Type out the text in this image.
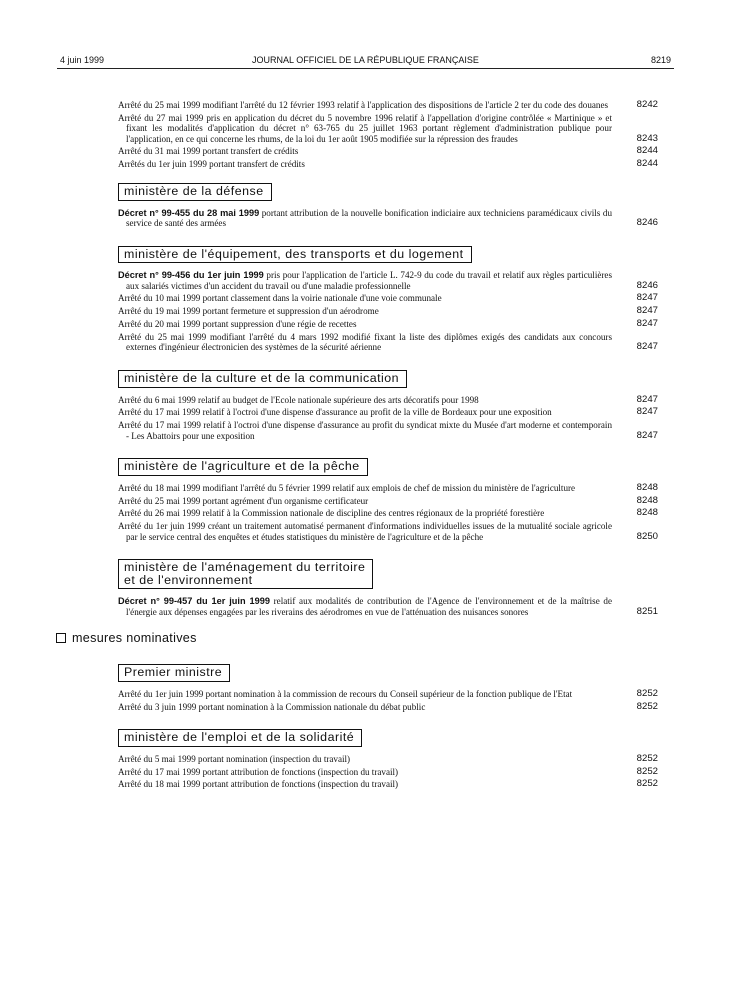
4 juin 1999	JOURNAL OFFICIEL DE LA RÉPUBLIQUE FRANÇAISE	8219
Arrêté du 25 mai 1999 modifiant l'arrêté du 12 février 1993 relatif à l'application des dispositions de l'article 2 ter du code des douanes	8242
Arrêté du 27 mai 1999 pris en application du décret du 5 novembre 1996 relatif à l'appellation d'origine contrôlée « Martinique » et fixant les modalités d'application du décret n° 63-765 du 25 juillet 1963 portant règlement d'administration publique pour l'application, en ce qui concerne les rhums, de la loi du 1er août 1905 modifiée sur la répression des fraudes	8243
Arrêté du 31 mai 1999 portant transfert de crédits	8244
Arrêtés du 1er juin 1999 portant transfert de crédits	8244
ministère de la défense
Décret n° 99-455 du 28 mai 1999 portant attribution de la nouvelle bonification indiciaire aux techniciens paramédicaux civils du service de santé des armées	8246
ministère de l'équipement, des transports et du logement
Décret n° 99-456 du 1er juin 1999 pris pour l'application de l'article L. 742-9 du code du travail et relatif aux règles particulières aux salariés victimes d'un accident du travail ou d'une maladie professionnelle	8246
Arrêté du 10 mai 1999 portant classement dans la voirie nationale d'une voie communale	8247
Arrêté du 19 mai 1999 portant fermeture et suppression d'un aérodrome	8247
Arrêté du 20 mai 1999 portant suppression d'une régie de recettes	8247
Arrêté du 25 mai 1999 modifiant l'arrêté du 4 mars 1992 modifié fixant la liste des diplômes exigés des candidats aux concours externes d'ingénieur électronicien des systèmes de la sécurité aérienne	8247
ministère de la culture et de la communication
Arrêté du 6 mai 1999 relatif au budget de l'Ecole nationale supérieure des arts décoratifs pour 1998	8247
Arrêté du 17 mai 1999 relatif à l'octroi d'une dispense d'assurance au profit de la ville de Bordeaux pour une exposition	8247
Arrêté du 17 mai 1999 relatif à l'octroi d'une dispense d'assurance au profit du syndicat mixte du Musée d'art moderne et contemporain - Les Abattoirs pour une exposition	8247
ministère de l'agriculture et de la pêche
Arrêté du 18 mai 1999 modifiant l'arrêté du 5 février 1999 relatif aux emplois de chef de mission du ministère de l'agriculture	8248
Arrêté du 25 mai 1999 portant agrément d'un organisme certificateur	8248
Arrêté du 26 mai 1999 relatif à la Commission nationale de discipline des centres régionaux de la propriété forestière	8248
Arrêté du 1er juin 1999 créant un traitement automatisé permanent d'informations individuelles issues de la mutualité sociale agricole par le service central des enquêtes et études statistiques du ministère de l'agriculture et de la pêche	8250
ministère de l'aménagement du territoire
et de l'environnement
Décret n° 99-457 du 1er juin 1999 relatif aux modalités de contribution de l'Agence de l'environnement et de la maîtrise de l'énergie aux dépenses engagées par les riverains des aérodromes en vue de l'atténuation des nuisances sonores	8251
mesures nominatives
Premier ministre
Arrêté du 1er juin 1999 portant nomination à la commission de recours du Conseil supérieur de la fonction publique de l'Etat	8252
Arrêté du 3 juin 1999 portant nomination à la Commission nationale du débat public	8252
ministère de l'emploi et de la solidarité
Arrêté du 5 mai 1999 portant nomination (inspection du travail)	8252
Arrêté du 17 mai 1999 portant attribution de fonctions (inspection du travail)	8252
Arrêté du 18 mai 1999 portant attribution de fonctions (inspection du travail)	8252
